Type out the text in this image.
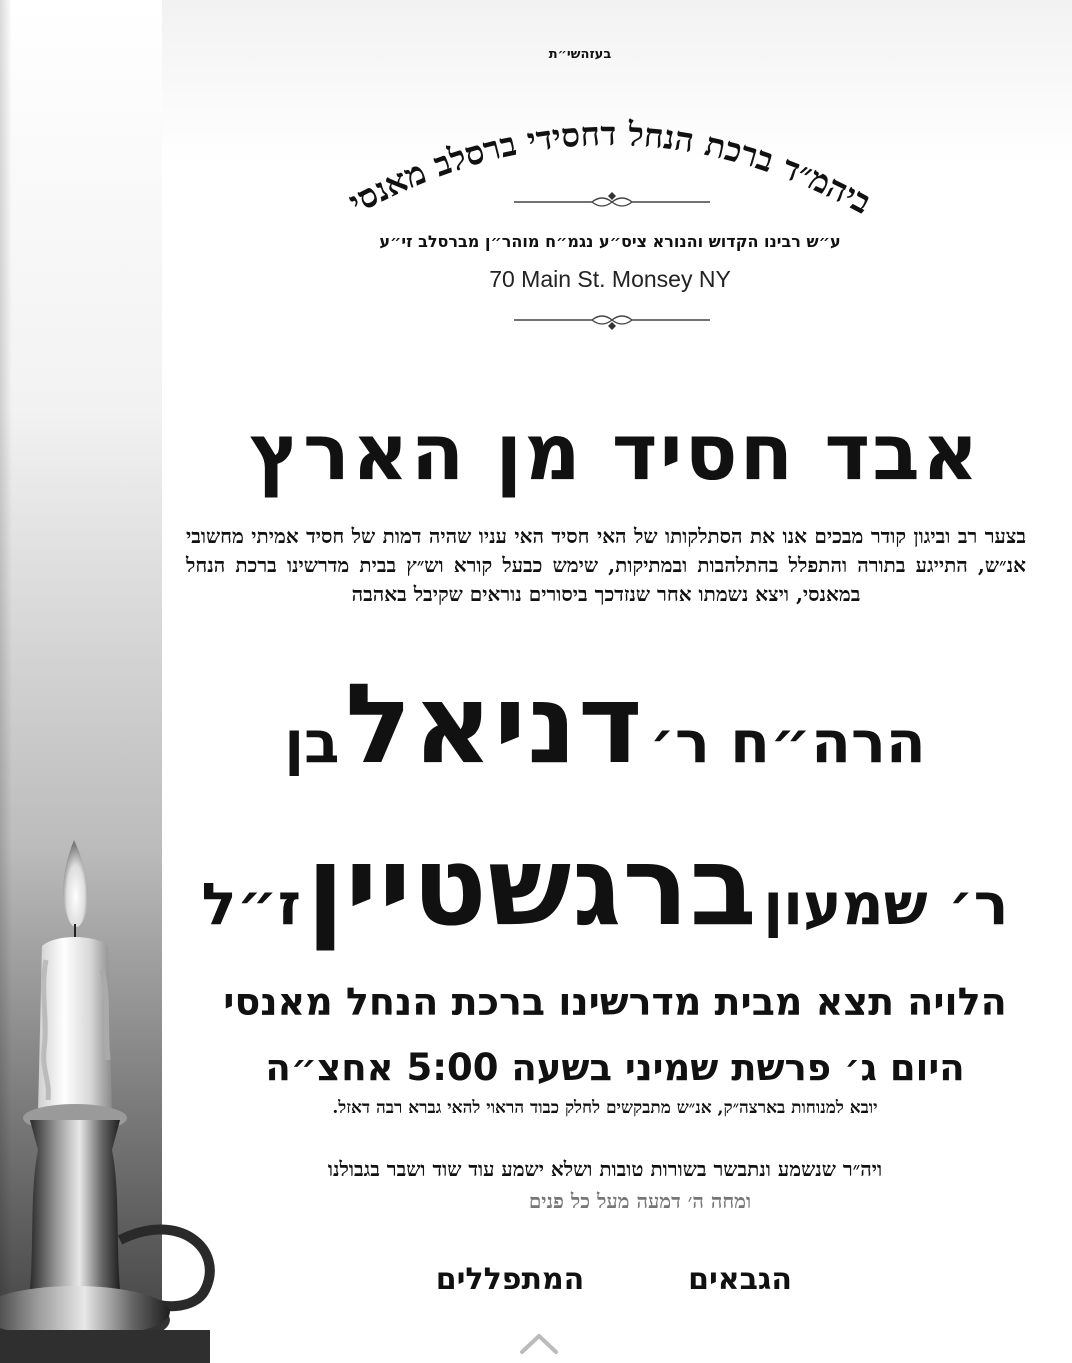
בעזהשי״ת
ביהמ״ד ברכת הנחל דחסידי ברסלב מאנסי
ע״ש רבינו הקדוש והנורא ציס״ע נגמ״ח מוהר״ן מברסלב זי״ע
70 Main St. Monsey NY
אבד חסיד מן הארץ
בצער רב וביגון קודר מבכים אנו את הסתלקותו של האי חסיד האי עניו שהיה דמות של חסיד אמיתי מחשובי אנ״ש, התייגע בתורה והתפלל בהתלהבות ובמתיקות, שימש כבעל קורא וש״ץ בבית מדרשינו ברכת הנחל במאנסי, ויצא נשמתו אחר שנזדכך ביסורים נוראים שקיבל באהבה
הרה״ח ר׳ דניאל בן
ר׳ שמעון ברגשטיין ז״ל
הלויה תצא מבית מדרשינו ברכת הנחל מאנסי
היום ג׳ פרשת שמיני בשעה 5:00 אחצ״ה
יובא למנוחות בארצה״ק, אנ״ש מתבקשים לחלק כבוד הראוי להאי גברא רבה דאזל.
ויה״ר שנשמע ונתבשר בשורות טובות ושלא ישמע עוד שוד ושבר בגבולנו
ומחה ה׳ דמעה מעל כל פנים
הגבאים
המתפללים
